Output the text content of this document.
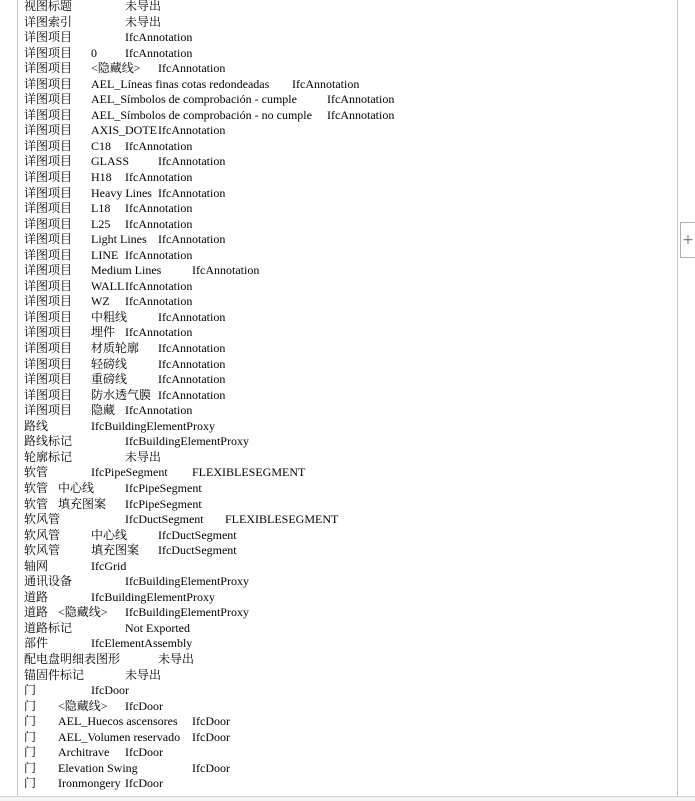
视图标题	未导出
详图索引	未导出
详图项目	IfcAnnotation
详图项目 0 IfcAnnotation
详图项目 <隐藏线> IfcAnnotation
详图项目 AEL_Líneas finas cotas redondeadas IfcAnnotation
详图项目 AEL_Símbolos de comprobación - cumple	IfcAnnotation
详图项目 AEL_Símbolos de comprobación - no cumple IfcAnnotation
详图项目 AXIS_DOTE IfcAnnotation
详图项目 C18 IfcAnnotation
详图项目 GLASS IfcAnnotation
详图项目 H18 IfcAnnotation
详图项目 Heavy Lines IfcAnnotation
详图项目 L18 IfcAnnotation
详图项目 L25 IfcAnnotation
详图项目 Light Lines IfcAnnotation
详图项目 LINE IfcAnnotation
详图项目 Medium Lines	IfcAnnotation
详图项目 WALL IfcAnnotation
详图项目 WZ IfcAnnotation
详图项目 中粗线	IfcAnnotation
详图项目 埋件 IfcAnnotation
详图项目 材质轮廓 IfcAnnotation
详图项目 轻磅线	IfcAnnotation
详图项目 重磅线	IfcAnnotation
详图项目 防水透气膜 IfcAnnotation
详图项目 隐藏 IfcAnnotation
路线	IfcBuildingElementProxy
路线标记	IfcBuildingElementProxy
轮廓标记	未导出
软管	IfcPipeSegment FLEXIBLESEGMENT
软管 中心线	IfcPipeSegment
软管 填充图案 IfcPipeSegment
软风管	IfcDuctSegment FLEXIBLESEGMENT
软风管	中心线	IfcDuctSegment
软风管	填充图案 IfcDuctSegment
轴网	IfcGrid
通讯设备	IfcBuildingElementProxy
道路	IfcBuildingElementProxy
道路 <隐藏线> IfcBuildingElementProxy
道路标记	Not Exported
部件	IfcElementAssembly
配电盘明细表图形	未导出
锚固件标记	未导出
门	IfcDoor
门 <隐藏线> IfcDoor
门 AEL_Huecos ascensores IfcDoor
门 AEL_Volumen reservado IfcDoor
门 Architrave IfcDoor
门 Elevation Swing	IfcDoor
门 Ironmongery IfcDoor
+
